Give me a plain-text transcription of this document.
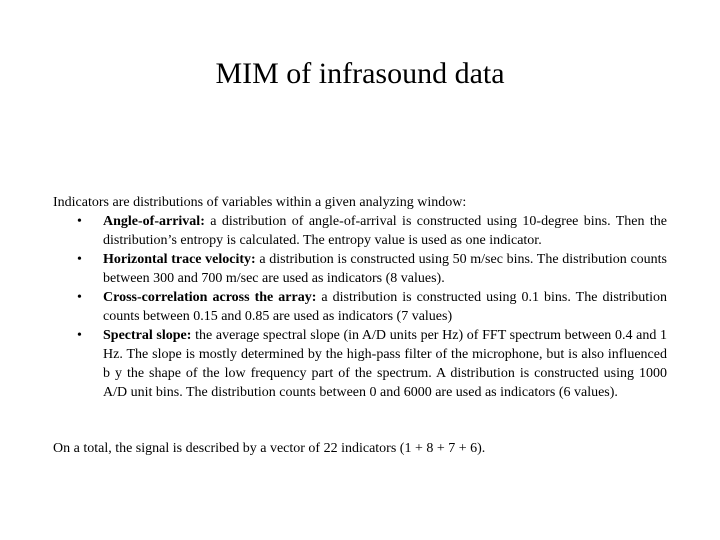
MIM of infrasound data

Indicators are distributions of variables within a given analyzing window:

• Angle-of-arrival: a distribution of angle-of-arrival is constructed using 10-degree bins. Then the distribution’s entropy is calculated. The entropy value is used as one indicator.
• Horizontal trace velocity: a distribution is constructed using 50 m/sec bins. The distribution counts between 300 and 700 m/sec are used as indicators (8 values).
• Cross-correlation across the array: a distribution is constructed using 0.1 bins. The distribution counts between 0.15 and 0.85 are used as indicators (7 values)
• Spectral slope: the average spectral slope (in A/D units per Hz) of FFT spectrum between 0.4 and 1 Hz. The slope is mostly determined by the high-pass filter of the microphone, but is also influenced b y the shape of the low frequency part of the spectrum. A distribution is constructed using 1000 A/D unit bins. The distribution counts between 0 and 6000 are used as indicators (6 values).

On a total, the signal is described by a vector of 22 indicators (1 + 8 + 7 + 6).
